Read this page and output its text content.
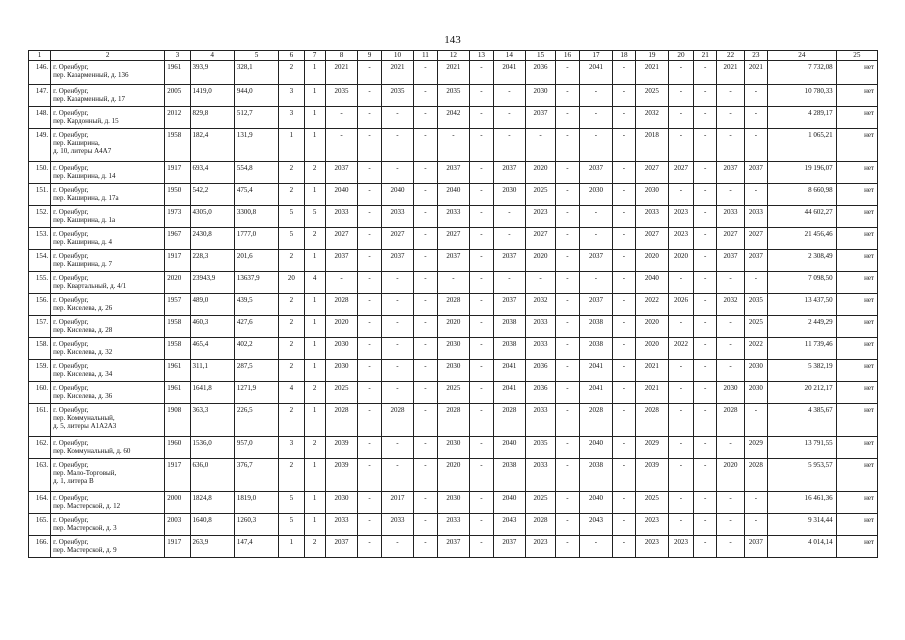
143
1	2	3	4	5	6	7	8	9	10	11	12	13	14	15	16	17	18	19	20	21	22	23	24	25
146.	г. Оренбург,
пер. Казарменный, д. 136	1961	393,9	328,1	2	1	2021	-	2021	-	2021	-	2041	2036	-	2041	-	2021	-	-	2021	2021	7 732,08	нет
147.	г. Оренбург,
пер. Казарменный, д. 17	2005	1419,0	944,0	3	1	2035	-	2035	-	2035	-	-	2030	-	-	-	2025	-	-	-	-	10 780,33	нет
148.	г. Оренбург,
пер. Кардонный, д. 15	2012	829,8	512,7	3	1	-	-	-	-	2042	-	-	2037	-	-	-	2032	-	-	-	-	4 289,17	нет
149.	г. Оренбург,
пер. Каширина,
д. 10, литеры А4А7	1958	182,4	131,9	1	1	-	-	-	-	-	-	-	-	-	-	-	2018	-	-	-	-	1 065,21	нет
150.	г. Оренбург,
пер. Каширина, д. 14	1917	693,4	554,8	2	2	2037	-	-	-	2037	-	2037	2020	-	2037	-	2027	2027	-	2037	2037	19 196,07	нет
151.	г. Оренбург,
пер. Каширина, д. 17а	1950	542,2	475,4	2	1	2040	-	2040	-	2040	-	2030	2025	-	2030	-	2030	-	-	-	-	8 660,98	нет
152.	г. Оренбург,
пер. Каширина, д. 1а	1973	4305,0	3300,8	5	5	2033	-	2033	-	2033	-	-	2023	-	-	-	2033	2023	-	2033	2033	44 602,27	нет
153.	г. Оренбург,
пер. Каширина, д. 4	1967	2430,8	1777,0	5	2	2027	-	2027	-	2027	-	-	2027	-	-	-	2027	2023	-	2027	2027	21 456,46	нет
154.	г. Оренбург,
пер. Каширина, д. 7	1917	228,3	201,6	2	1	2037	-	2037	-	2037	-	2037	2020	-	2037	-	2020	2020	-	2037	2037	2 308,49	нет
155.	г. Оренбург,
пер. Квартальный, д. 4/1	2020	23943,9	13637,9	20	4	-	-	-	-	-	-	-	-	-	-	-	2040	-	-	-	-	7 098,50	нет
156.	г. Оренбург,
пер. Киселева, д. 26	1957	489,0	439,5	2	1	2028	-	-	-	2028	-	2037	2032	-	2037	-	2022	2026	-	2032	2035	13 437,50	нет
157.	г. Оренбург,
пер. Киселева, д. 28	1958	460,3	427,6	2	1	2020	-	-	-	2020	-	2038	2033	-	2038	-	2020	-	-	-	2025	2 449,29	нет
158.	г. Оренбург,
пер. Киселева, д. 32	1958	465,4	402,2	2	1	2030	-	-	-	2030	-	2038	2033	-	2038	-	2020	2022	-	-	2022	11 739,46	нет
159.	г. Оренбург,
пер. Киселева, д. 34	1961	311,1	287,5	2	1	2030	-	-	-	2030	-	2041	2036	-	2041	-	2021	-	-	-	2030	5 382,19	нет
160.	г. Оренбург,
пер. Киселева, д. 36	1961	1641,8	1271,9	4	2	2025	-	-	-	2025	-	2041	2036	-	2041	-	2021	-	-	2030	2030	20 212,17	нет
161.	г. Оренбург,
пер. Коммунальный,
д. 5, литеры А1А2А3	1908	363,3	226,5	2	1	2028	-	2028	-	2028	-	2028	2033	-	2028	-	2028	-	-	2028	-	4 385,67	нет
162.	г. Оренбург,
пер. Коммунальный, д. 60	1960	1536,0	957,0	3	2	2039	-	-	-	2030	-	2040	2035	-	2040	-	2029	-	-	-	2029	13 791,55	нет
163.	г. Оренбург,
пер. Мало-Торговый,
д. 1, литера В	1917	636,0	376,7	2	1	2039	-	-	-	2020	-	2038	2033	-	2038	-	2039	-	-	2020	2028	5 953,57	нет
164.	г. Оренбург,
пер. Мастерской, д. 12	2000	1824,8	1819,0	5	1	2030	-	2017	-	2030	-	2040	2025	-	2040	-	2025	-	-	-	-	16 461,36	нет
165.	г. Оренбург,
пер. Мастерской, д. 3	2003	1640,8	1260,3	5	1	2033	-	2033	-	2033	-	2043	2028	-	2043	-	2023	-	-	-	-	9 314,44	нет
166.	г. Оренбург,
пер. Мастерской, д. 9	1917	263,9	147,4	1	2	2037	-	-	-	2037	-	2037	2023	-	-	-	2023	2023	-	-	2037	4 014,14	нет
